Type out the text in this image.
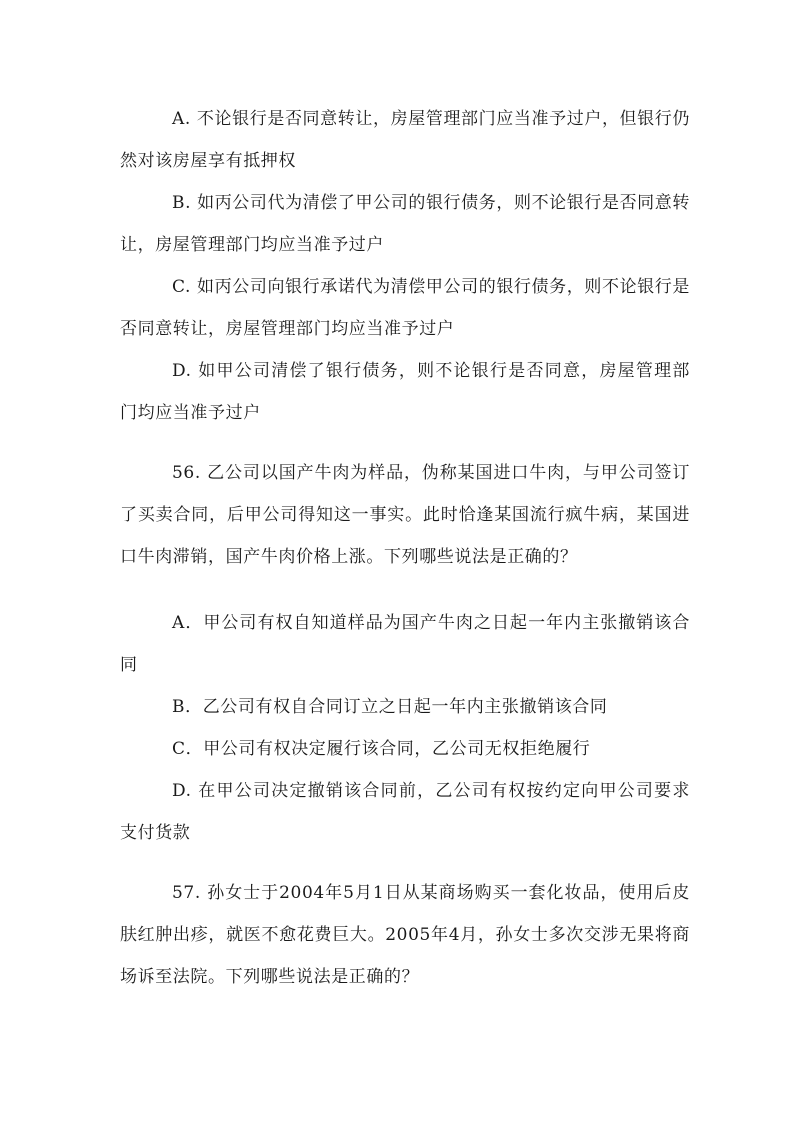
A. 不论银行是否同意转让，房屋管理部门应当准予过户，但银行仍然对该房屋享有抵押权

B. 如丙公司代为清偿了甲公司的银行债务，则不论银行是否同意转让，房屋管理部门均应当准予过户

C. 如丙公司向银行承诺代为清偿甲公司的银行债务，则不论银行是否同意转让，房屋管理部门均应当准予过户

D. 如甲公司清偿了银行债务，则不论银行是否同意，房屋管理部门均应当准予过户

56. 乙公司以国产牛肉为样品，伪称某国进口牛肉，与甲公司签订了买卖合同，后甲公司得知这一事实。此时恰逢某国流行疯牛病，某国进口牛肉滞销，国产牛肉价格上涨。下列哪些说法是正确的？

A．甲公司有权自知道样品为国产牛肉之日起一年内主张撤销该合同

B．乙公司有权自合同订立之日起一年内主张撤销该合同

C．甲公司有权决定履行该合同，乙公司无权拒绝履行

D. 在甲公司决定撤销该合同前，乙公司有权按约定向甲公司要求支付货款

57. 孙女士于2004年5月1日从某商场购买一套化妆品，使用后皮肤红肿出疹，就医不愈花费巨大。2005年4月，孙女士多次交涉无果将商场诉至法院。下列哪些说法是正确的？
